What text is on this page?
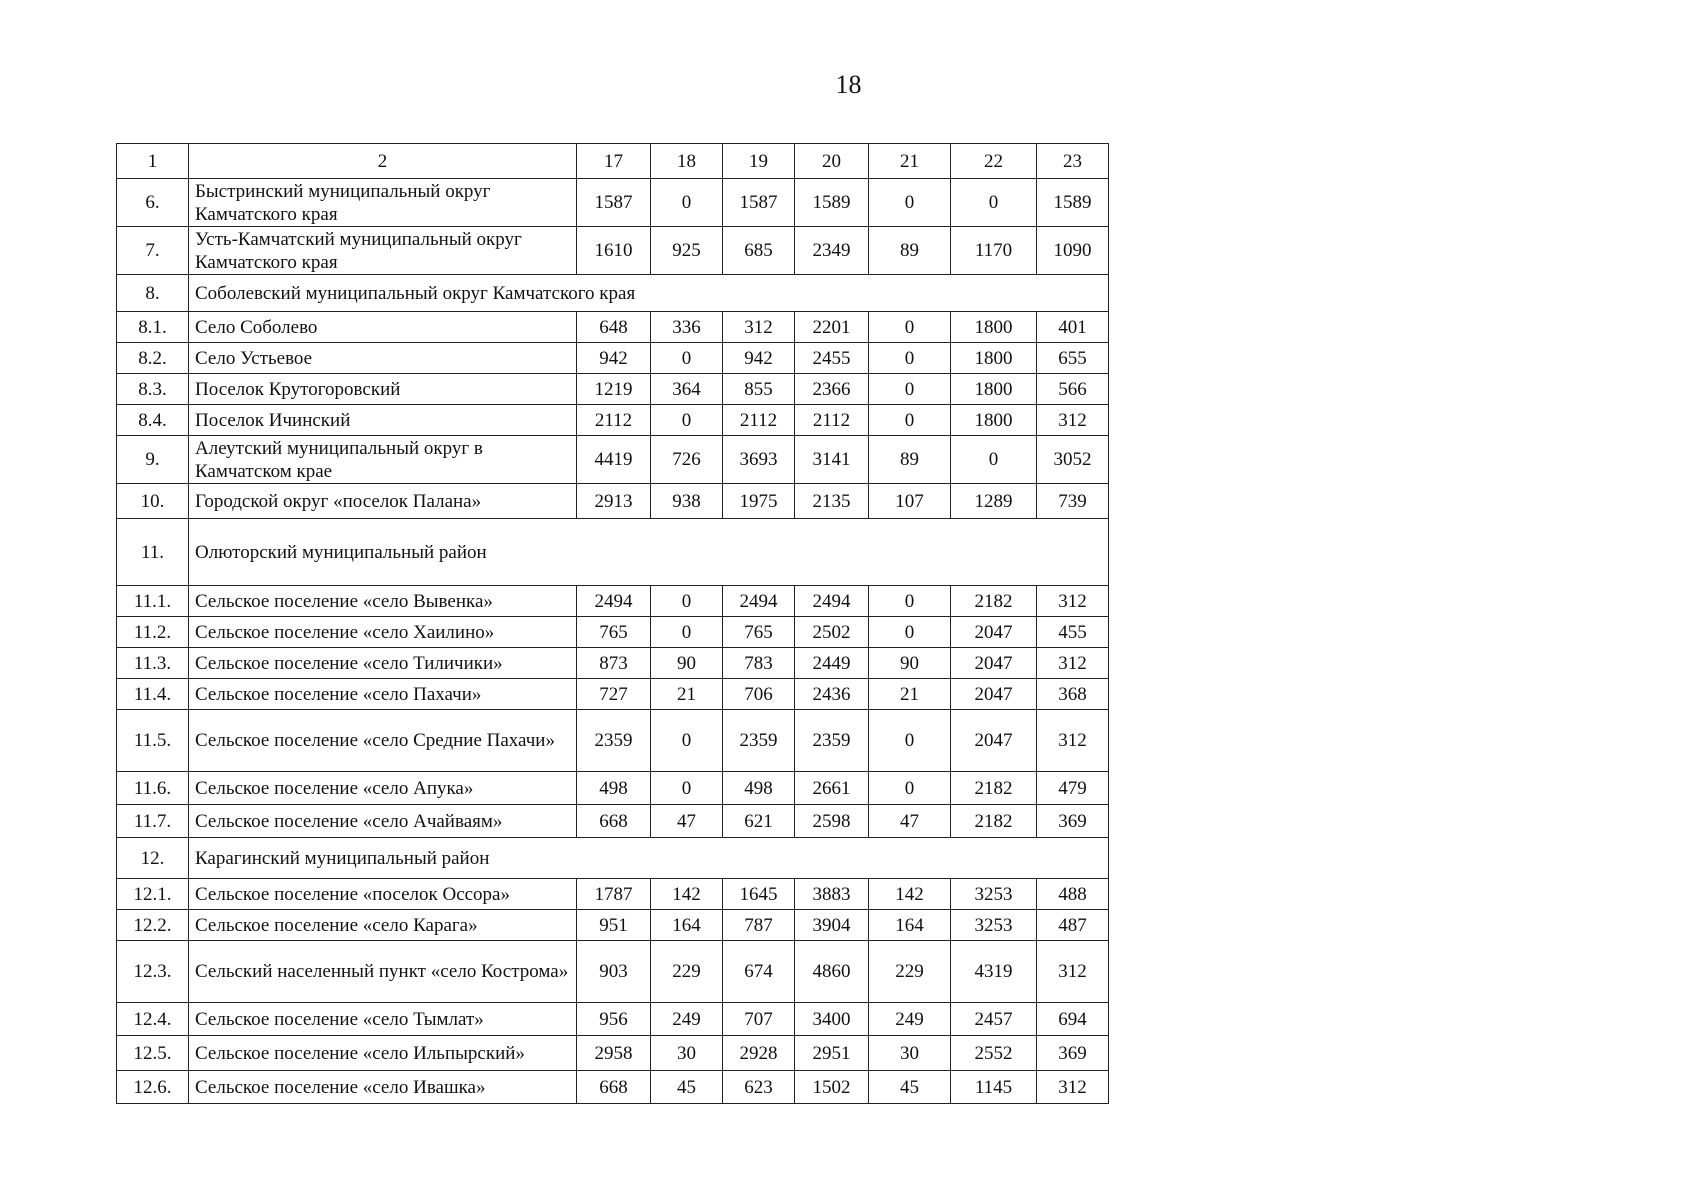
18
1	2	17	18	19	20	21	22	23
6.	Быстринский муниципальный округ Камчатского края	1587	0	1587	1589	0	0	1589
7.	Усть-Камчатский муниципальный округ Камчатского края	1610	925	685	2349	89	1170	1090
8.	Соболевский муниципальный округ Камчатского края							
8.1.	Село Соболево	648	336	312	2201	0	1800	401
8.2.	Село Устьевое	942	0	942	2455	0	1800	655
8.3.	Поселок Крутогоровский	1219	364	855	2366	0	1800	566
8.4.	Поселок Ичинский	2112	0	2112	2112	0	1800	312
9.	Алеутский муниципальный округ в Камчатском крае	4419	726	3693	3141	89	0	3052
10.	Городской округ «поселок Палана»	2913	938	1975	2135	107	1289	739
11.	Олюторский муниципальный район							
11.1.	Сельское поселение «село Вывенка»	2494	0	2494	2494	0	2182	312
11.2.	Сельское поселение «село Хаилино»	765	0	765	2502	0	2047	455
11.3.	Сельское поселение «село Тиличики»	873	90	783	2449	90	2047	312
11.4.	Сельское поселение «село Пахачи»	727	21	706	2436	21	2047	368
11.5.	Сельское поселение «село Средние Пахачи»	2359	0	2359	2359	0	2047	312
11.6.	Сельское поселение «село Апука»	498	0	498	2661	0	2182	479
11.7.	Сельское поселение «село Ачайваям»	668	47	621	2598	47	2182	369
12.	Карагинский муниципальный район							
12.1.	Сельское поселение «поселок Оссора»	1787	142	1645	3883	142	3253	488
12.2.	Сельское поселение «село Карага»	951	164	787	3904	164	3253	487
12.3.	Сельский населенный пункт «село Кострома»	903	229	674	4860	229	4319	312
12.4.	Сельское поселение «село Тымлат»	956	249	707	3400	249	2457	694
12.5.	Сельское поселение «село Ильпырский»	2958	30	2928	2951	30	2552	369
12.6.	Сельское поселение «село Ивашка»	668	45	623	1502	45	1145	312
